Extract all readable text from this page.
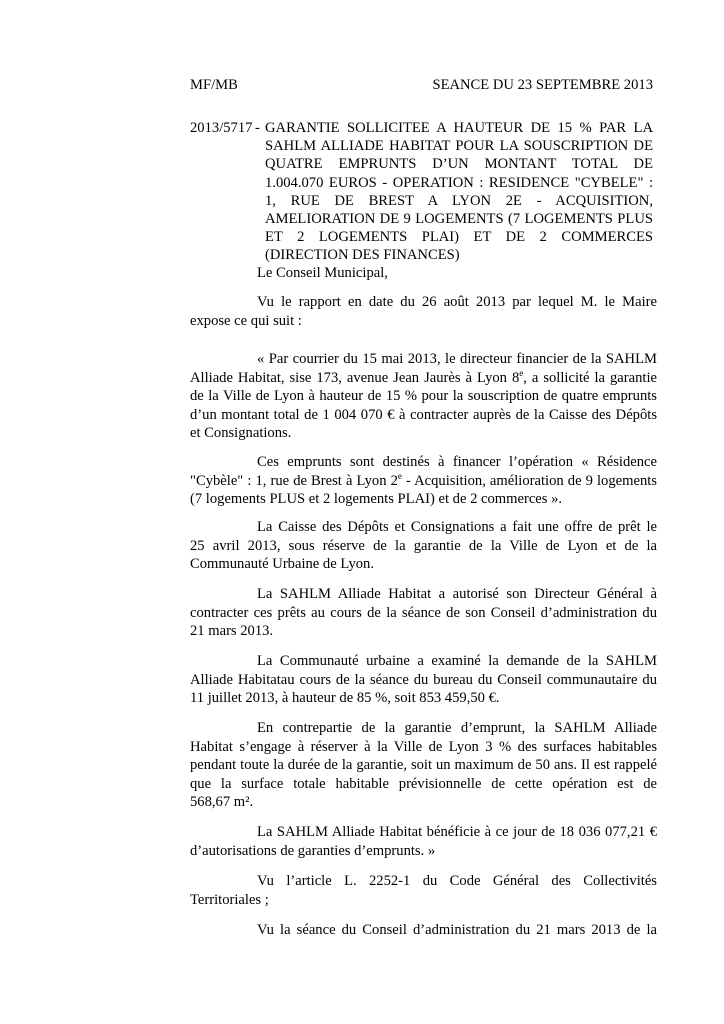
MF/MB	SEANCE DU 23 SEPTEMBRE 2013
2013/5717 - GARANTIE SOLLICITEE A HAUTEUR DE 15 % PAR LA
SAHLM ALLIADE HABITAT POUR LA SOUSCRIPTION DE
QUATRE EMPRUNTS D’UN MONTANT TOTAL DE
1.004.070 EUROS - OPERATION : RESIDENCE "CYBELE" :
1, RUE DE BREST A LYON 2E - ACQUISITION,
AMELIORATION DE 9 LOGEMENTS (7 LOGEMENTS PLUS
ET 2 LOGEMENTS PLAI) ET DE 2 COMMERCES
(DIRECTION DES FINANCES)
Le Conseil Municipal,
Vu le rapport en date du 26 août 2013 par lequel M. le Maire
expose ce qui suit :
« Par courrier du 15 mai 2013, le directeur financier de la SAHLM
Alliade Habitat, sise 173, avenue Jean Jaurès à Lyon 8e, a sollicité la garantie
de la Ville de Lyon à hauteur de 15 % pour la souscription de quatre emprunts
d’un montant total de 1 004 070 € à contracter auprès de la Caisse des Dépôts
et Consignations.
Ces emprunts sont destinés à financer l’opération « Résidence
"Cybèle" : 1, rue de Brest à Lyon 2e - Acquisition, amélioration de 9 logements
(7 logements PLUS et 2 logements PLAI) et de 2 commerces ».
La Caisse des Dépôts et Consignations a fait une offre de prêt le
25 avril 2013, sous réserve de la garantie de la Ville de Lyon et de la
Communauté Urbaine de Lyon.
La SAHLM Alliade Habitat a autorisé son Directeur Général à
contracter ces prêts au cours de la séance de son Conseil d’administration du
21 mars 2013.
La Communauté urbaine a examiné la demande de la SAHLM
Alliade Habitatau cours de la séance du bureau du Conseil communautaire du
11 juillet 2013, à hauteur de 85 %, soit 853 459,50 €.
En contrepartie de la garantie d’emprunt, la SAHLM Alliade
Habitat s’engage à réserver à la Ville de Lyon 3 % des surfaces habitables
pendant toute la durée de la garantie, soit un maximum de 50 ans. Il est rappelé
que la surface totale habitable prévisionnelle de cette opération est de
568,67 m².
La SAHLM Alliade Habitat bénéficie à ce jour de 18 036 077,21 €
d’autorisations de garanties d’emprunts. »
Vu l’article L. 2252-1 du Code Général des Collectivités
Territoriales ;
Vu la séance du Conseil d’administration du 21 mars 2013 de la
